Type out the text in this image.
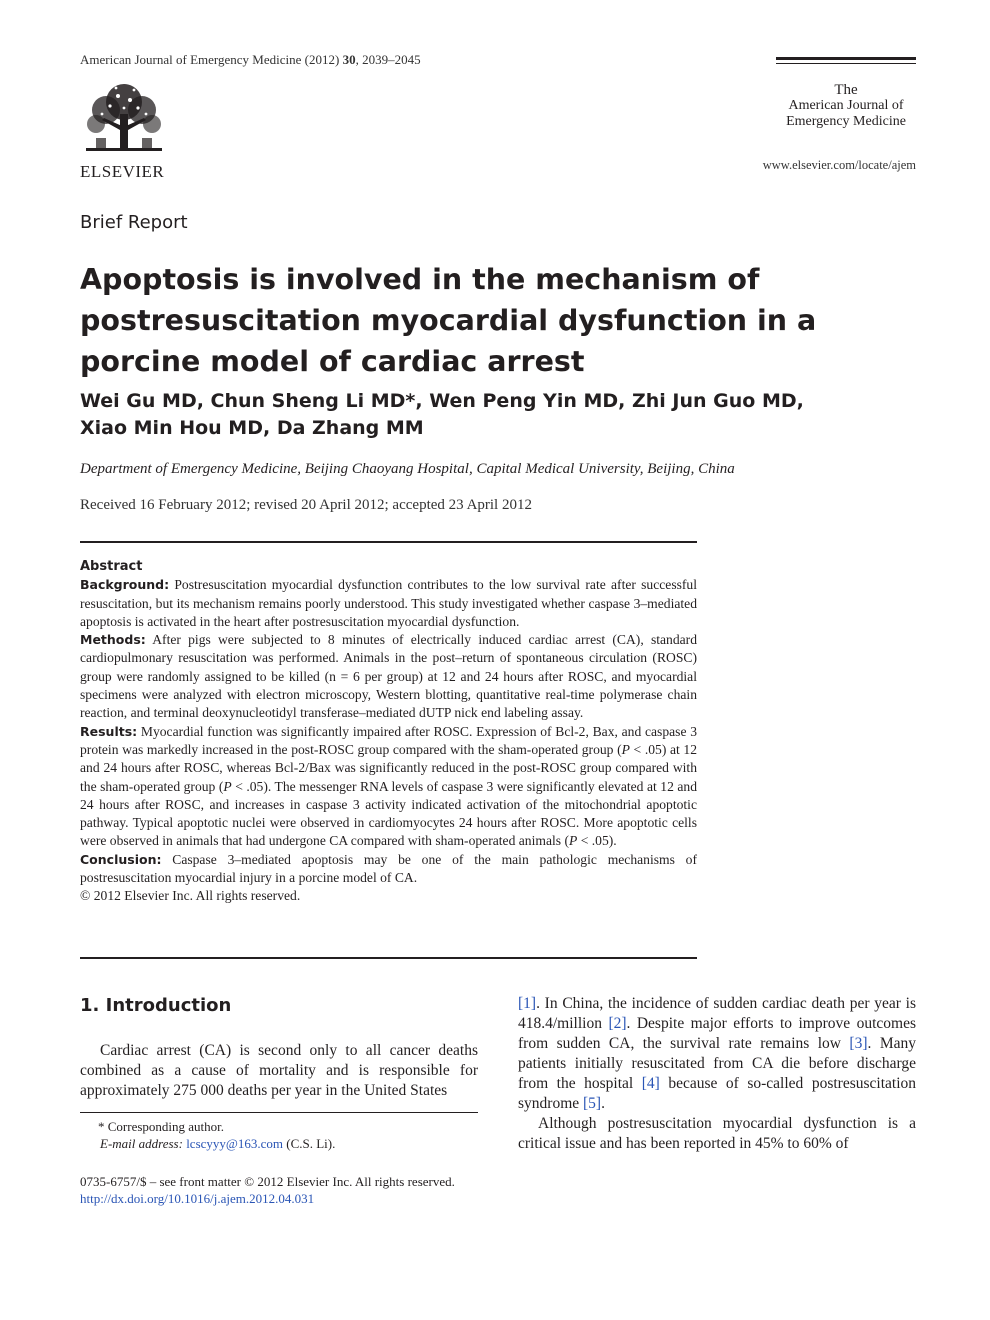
American Journal of Emergency Medicine (2012) 30, 2039–2045
ELSEVIER
The
American Journal of
Emergency Medicine
www.elsevier.com/locate/ajem
Brief Report
Apoptosis is involved in the mechanism of postresuscitation myocardial dysfunction in a porcine model of cardiac arrest
Wei Gu MD, Chun Sheng Li MD*, Wen Peng Yin MD, Zhi Jun Guo MD,
Xiao Min Hou MD, Da Zhang MM
Department of Emergency Medicine, Beijing Chaoyang Hospital, Capital Medical University, Beijing, China
Received 16 February 2012; revised 20 April 2012; accepted 23 April 2012

Abstract

Background: Postresuscitation myocardial dysfunction contributes to the low survival rate after successful resuscitation, but its mechanism remains poorly understood. This study investigated whether caspase 3–mediated apoptosis is activated in the heart after postresuscitation myocardial dysfunction.

Methods: After pigs were subjected to 8 minutes of electrically induced cardiac arrest (CA), standard cardiopulmonary resuscitation was performed. Animals in the post–return of spontaneous circulation (ROSC) group were randomly assigned to be killed (n = 6 per group) at 12 and 24 hours after ROSC, and myocardial specimens were analyzed with electron microscopy, Western blotting, quantitative real-time polymerase chain reaction, and terminal deoxynucleotidyl transferase–mediated dUTP nick end labeling assay.

Results: Myocardial function was significantly impaired after ROSC. Expression of Bcl-2, Bax, and caspase 3 protein was markedly increased in the post-ROSC group compared with the sham-operated group (P < .05) at 12 and 24 hours after ROSC, whereas Bcl-2/Bax was significantly reduced in the post-ROSC group compared with the sham-operated group (P < .05). The messenger RNA levels of caspase 3 were significantly elevated at 12 and 24 hours after ROSC, and increases in caspase 3 activity indicated activation of the mitochondrial apoptotic pathway. Typical apoptotic nuclei were observed in cardiomyocytes 24 hours after ROSC. More apoptotic cells were observed in animals that had undergone CA compared with sham-operated animals (P < .05).

Conclusion: Caspase 3–mediated apoptosis may be one of the main pathologic mechanisms of postresuscitation myocardial injury in a porcine model of CA.

© 2012 Elsevier Inc. All rights reserved.

1. Introduction
Cardiac arrest (CA) is second only to all cancer deaths combined as a cause of mortality and is responsible for approximately 275 000 deaths per year in the United States

[1]. In China, the incidence of sudden cardiac death per year is 418.4/million [2]. Despite major efforts to improve outcomes from sudden CA, the survival rate remains low [3]. Many patients initially resuscitated from CA die before discharge from the hospital [4] because of so-called postresuscitation syndrome [5].

Although postresuscitation myocardial dysfunction is a critical issue and has been reported in 45% to 60% of

* Corresponding author.

E-mail address: lcscyyy@163.com (C.S. Li).

0735-6757/$ – see front matter © 2012 Elsevier Inc. All rights reserved.
http://dx.doi.org/10.1016/j.ajem.2012.04.031
